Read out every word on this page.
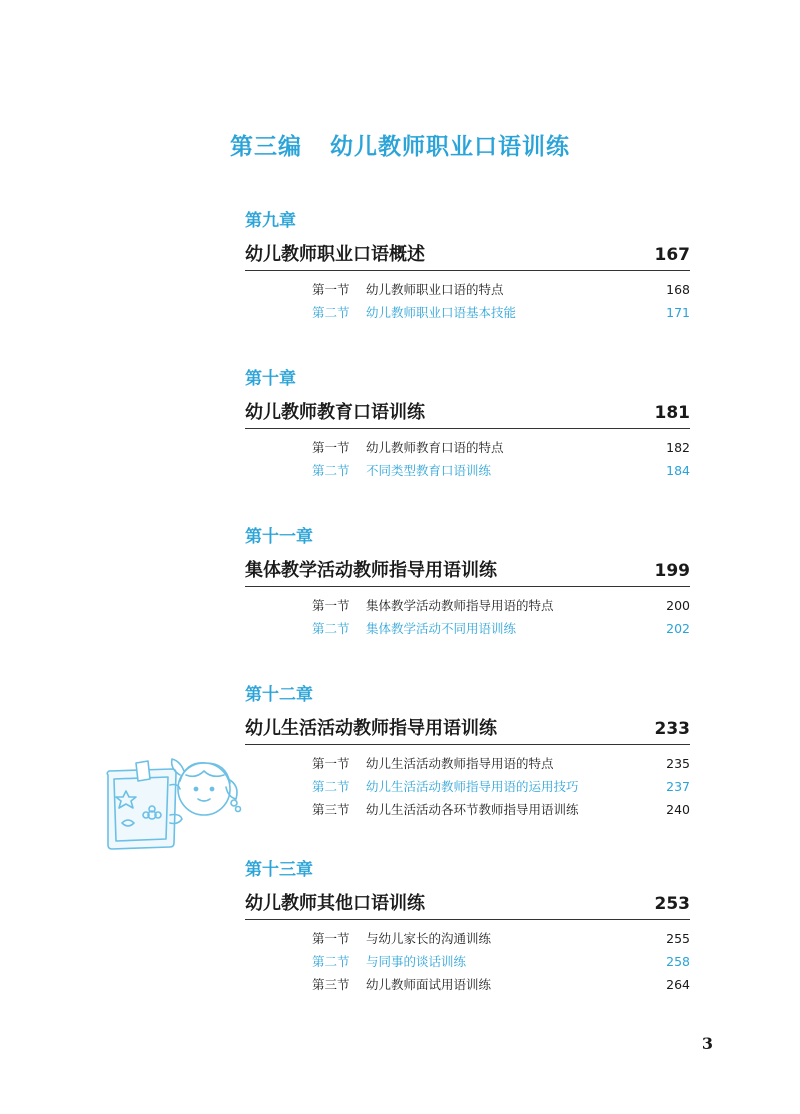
第三编 幼儿教师职业口语训练
第九章
幼儿教师职业口语概述	167
第一节	幼儿教师职业口语的特点	168
第二节	幼儿教师职业口语基本技能	171
第十章
幼儿教师教育口语训练	181
第一节	幼儿教师教育口语的特点	182
第二节	不同类型教育口语训练	184
第十一章
集体教学活动教师指导用语训练	199
第一节	集体教学活动教师指导用语的特点	200
第二节	集体教学活动不同用语训练	202
第十二章
幼儿生活活动教师指导用语训练	233
第一节	幼儿生活活动教师指导用语的特点	235
第二节	幼儿生活活动教师指导用语的运用技巧	237
第三节	幼儿生活活动各环节教师指导用语训练	240
第十三章
幼儿教师其他口语训练	253
第一节	与幼儿家长的沟通训练	255
第二节	与同事的谈话训练	258
第三节	幼儿教师面试用语训练	264
3
